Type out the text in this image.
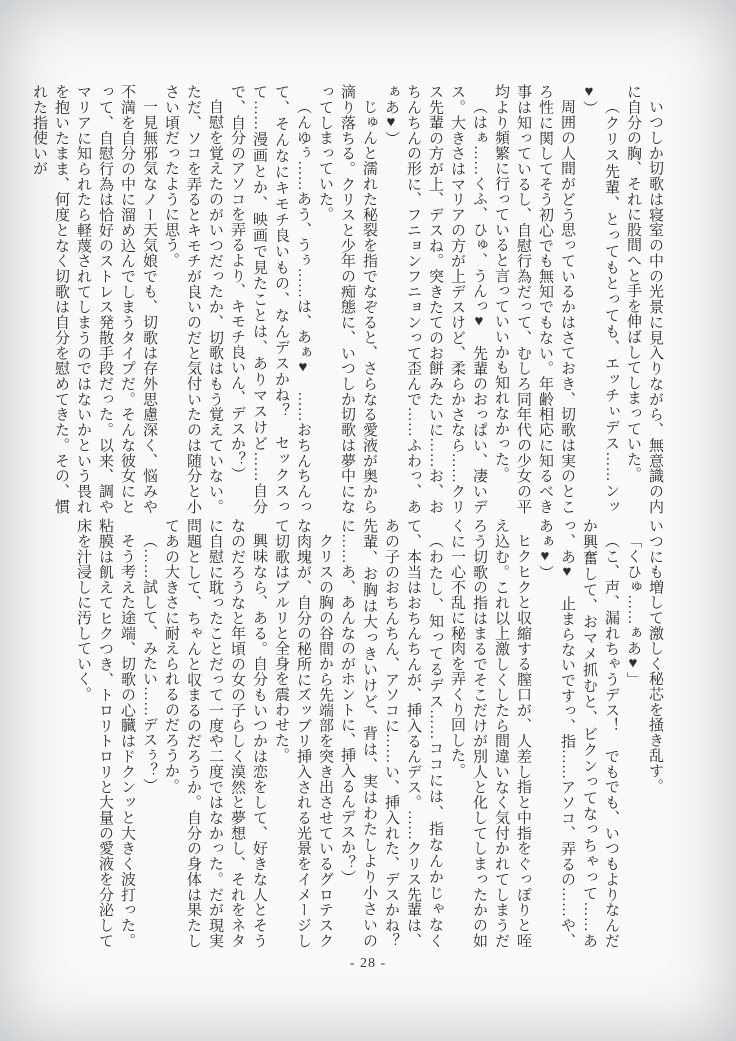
いつしか切歌は寝室の中の光景に見入りながら、無意識の内に自分の胸、それに股間へと手を伸ばしてしまっていた。

（クリス先輩、とってもとっても、エッチぃデス……ンッ♥）

周囲の人間がどう思っているかはさておき、切歌は実のところ性に関してそう初心でも無知でもない。年齢相応に知るべき事は知っているし、自慰行為だって、むしろ同年代の少女の平均より頻繁に行っていると言っていいかも知れなかった。

（はぁ……くふ、ひゅ、うんっ♥　先輩のおっぱい、凄いデス。大きさはマリアの方が上デスけど、柔らかさなら……クリス先輩の方が上、デスね。突きたてのお餅みたいに……お、おちんちんの形に、フニョンフニョンって歪んで……ふわっ、あぁあ♥）

じゅんと濡れた秘裂を指でなぞると、さらなる愛液が奥から滴り落ちる。クリスと少年の痴態に、いつしか切歌は夢中になってしまっていた。

（んゆぅ……あう、うぅ……は、あぁ♥　……おちんちんって、そんなにキモチ良いもの、なんデスかね？　セックスって……漫画とか、映画で見たことは、ありマスけど……自分で、自分のアソコを弄るより、キモチ良いん、デスか？）

自慰を覚えたのがいつだったか、切歌はもう覚えていない。ただ、ソコを弄るとキモチが良いのだと気付いたのは随分と小さい頃だったように思う。

一見無邪気なノー天気娘でも、切歌は存外思慮深く、悩みや不満を自分の中に溜め込んでしまうタイプだ。そんな彼女にとって、自慰行為は恰好のストレス発散手段だった。以来、調やマリアに知られたら軽蔑されてしまうのではないかという畏れを抱いたまま、何度となく切歌は自分を慰めてきた。その、慣れた指使いが

いつにも増して激しく秘芯を掻き乱す。

「くひゅ……ぁあ♥」

（こ、声、漏れちゃうデス！　でもでも、いつもよりなんだか興奮して、おマメ抓むと、ビクンってなっちゃって……あっ、あ♥　止まらないですっ、指……アソコ、弄るの……や、あぁ♥）

ヒクヒクと収縮する膣口が、人差し指と中指をぐっぽりと咥え込む。これ以上激しくしたら間違いなく気付かれてしまうだろう切歌の指はまるでそこだけが別人と化してしまったかの如くに一心不乱に秘肉を弄くり回した。

（わたし、知ってるデス……ココには、指なんかじゃなくて、本当はおちんちんが、挿入るんデス。……クリス先輩は、あの子のおちんちん、アソコに……い、挿入れた、デスかね？　先輩、お胸は大っきいけど、背は、実はわたしより小さいのに……あ、あんなのがホントに、挿入るんデスか？）

クリスの胸の谷間から先端部を突き出させているグロテスクな肉塊が、自分の秘所にズッブリ挿入される光景をイメージして切歌はブルリと全身を震わせた。

興味なら、ある。自分もいつかは恋をして、好きな人とそうなのだろうなと年頃の女の子らしく漠然と夢想し、それをネタに自慰に耽ったことだって一度や二度ではなかった。だが現実問題として、ちゃんと収まるのだろうか。自分の身体は果たしてあの大きさに耐えられるのだろうか。

（……試して、みたい……デスぅ？）

そう考えた途端、切歌の心臓はドクンッと大きく波打った。粘膜は飢えてヒクつき、トロリトロリと大量の愛液を分泌して床を汁浸しに汚していく。

- 28 -
